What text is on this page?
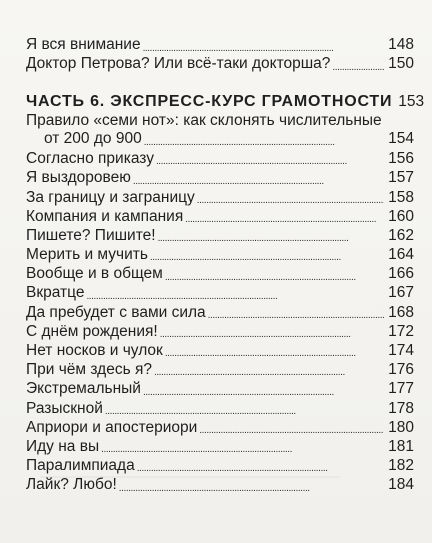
Я вся внимание . . .	148
Доктор Петрова? Или всё-таки докторша? . . .	150
ЧАСТЬ 6. ЭКСПРЕСС-КУРС ГРАМОТНОСТИ 153
Правило «семи нот»: как склонять числительные
от 200 до 900 . . .	154
Согласно приказу . . .	156
Я выздоровею . . .	157
За границу и заграницу . . .	158
Компания и кампания . . .	160
Пишете? Пишите! . . .	162
Мерить и мучить . . .	164
Вообще и в общем . . .	166
Вкратце . . .	167
Да пребудет с вами сила . . .	168
С днём рождения! . . .	172
Нет носков и чулок . . .	174
При чём здесь я? . . .	176
Экстремальный . . .	177
Разыскной . . .	178
Априори и апостериори . . .	180
Иду на вы . . .	181
Паралимпиада . . .	182
Лайк? Любо! . . .	184
